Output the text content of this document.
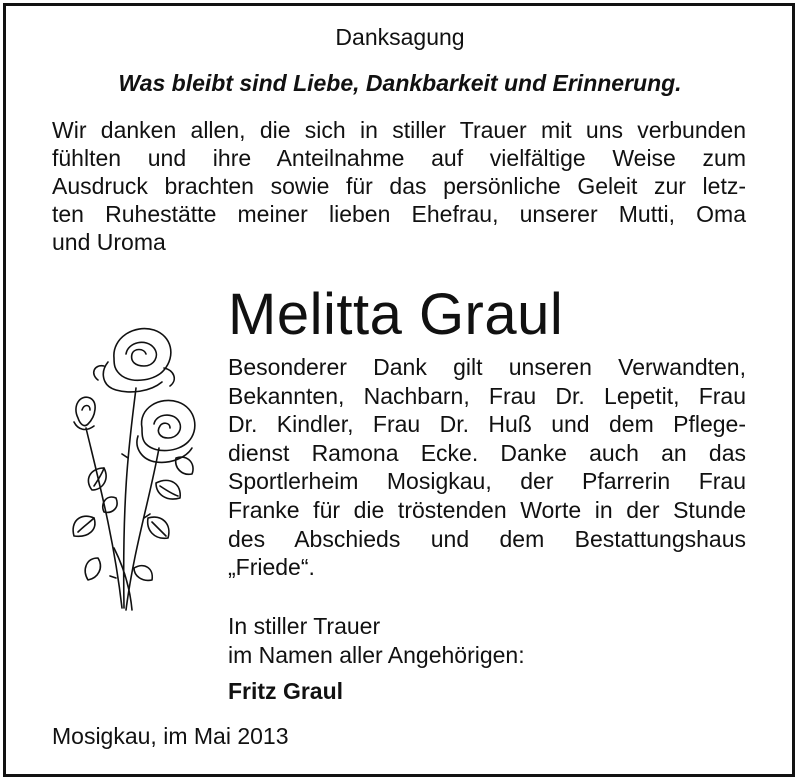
Danksagung
Was bleibt sind Liebe, Dankbarkeit und Erinnerung.
Wir danken allen, die sich in stiller Trauer mit uns verbunden
fühlten und ihre Anteilnahme auf vielfältige Weise zum
Ausdruck brachten sowie für das persönliche Geleit zur letz-
ten Ruhestätte meiner lieben Ehefrau, unserer Mutti, Oma
und Uroma
Melitta Graul
Besonderer Dank gilt unseren Verwandten,
Bekannten, Nachbarn, Frau Dr. Lepetit, Frau
Dr. Kindler, Frau Dr. Huß und dem Pflege-
dienst Ramona Ecke. Danke auch an das
Sportlerheim Mosigkau, der Pfarrerin Frau
Franke für die tröstenden Worte in der Stunde
des Abschieds und dem Bestattungshaus
„Friede“.
In stiller Trauer
im Namen aller Angehörigen:
Fritz Graul
Mosigkau, im Mai 2013
